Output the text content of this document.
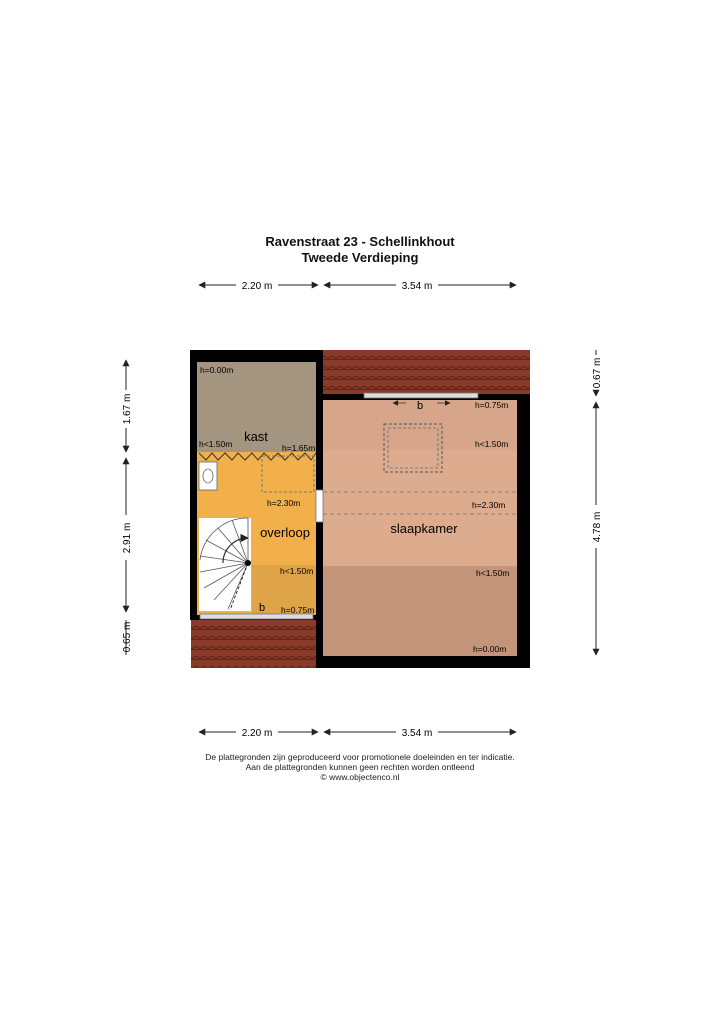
Ravenstraat 23 - Schellinkhout
Tweede Verdieping
2.20 m	3.54 m
2.20 m	3.54 m
1.67 m
2.91 m
0.65 m
0.67 m
4.78 m
kast
overloop	slaapkamer
h=0.00m
h<1.50m	h=1.65m
h=2.30m
h<1.50m
h=0.75m
h=0.75m
h<1.50m
h=2.30m
h<1.50m
h=0.00m
b
b
De plattegronden zijn geproduceerd voor promotionele doeleinden en ter indicatie.
Aan de plattegronden kunnen geen rechten worden ontleend
© www.objectenco.nl
